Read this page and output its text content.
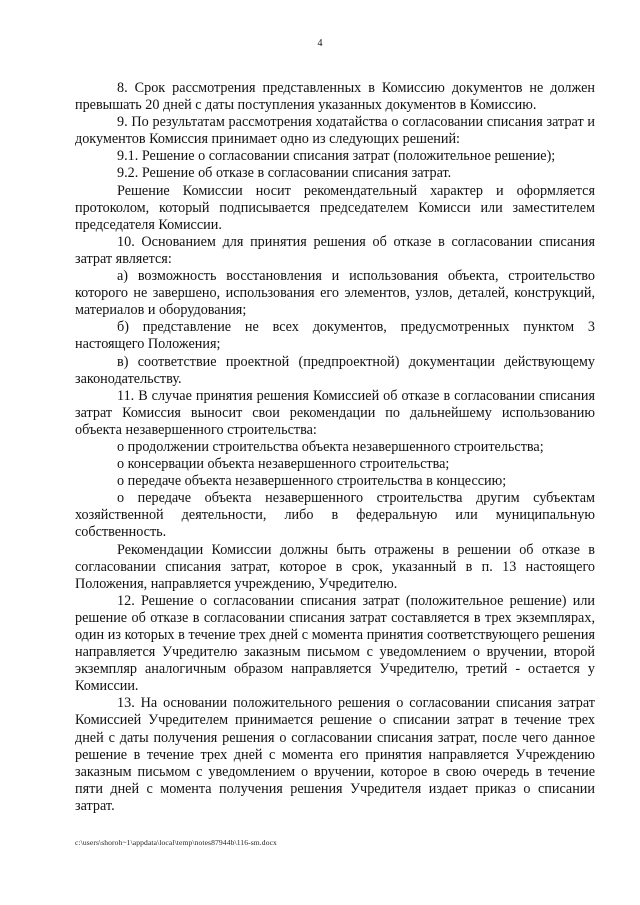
4

8. Срок рассмотрения представленных в Комиссию документов не должен превышать 20 дней с даты поступления указанных документов в Комиссию.

9. По результатам рассмотрения ходатайства о согласовании списания затрат и документов Комиссия принимает одно из следующих решений:

9.1. Решение о согласовании списания затрат (положительное решение);

9.2. Решение об отказе в согласовании списания затрат.

Решение Комиссии носит рекомендательный характер и оформляется протоколом, который подписывается председателем Комисси или заместителем председателя Комиссии.

10. Основанием для принятия решения об отказе в согласовании списания затрат является:

а) возможность восстановления и использования объекта, строительство которого не завершено, использования его элементов, узлов, деталей, конструкций, материалов и оборудования;

б) представление не всех документов, предусмотренных пунктом 3 настоящего Положения;

в) соответствие проектной (предпроектной) документации действующему законодательству.

11. В случае принятия решения Комиссией об отказе в согласовании списания затрат Комиссия выносит свои рекомендации по дальнейшему использованию объекта незавершенного строительства:

о продолжении строительства объекта незавершенного строительства;

о консервации объекта незавершенного строительства;

о передаче объекта незавершенного строительства в концессию;

о передаче объекта незавершенного строительства другим субъектам хозяйственной деятельности, либо в федеральную или муниципальную собственность.

Рекомендации Комиссии должны быть отражены в решении об отказе в согласовании списания затрат, которое в срок, указанный в п. 13 настоящего Положения, направляется учреждению, Учредителю.

12. Решение о согласовании списания затрат (положительное решение) или решение об отказе в согласовании списания затрат составляется в трех экземплярах, один из которых в течение трех дней с момента принятия соответствующего решения направляется Учредителю заказным письмом с уведомлением о вручении, второй экземпляр аналогичным образом направляется Учредителю, третий - остается у Комиссии.

13. На основании положительного решения о согласовании списания затрат Комиссией Учредителем принимается решение о списании затрат в течение трех дней с даты получения решения о согласовании списания затрат, после чего данное решение в течение трех дней с момента его принятия направляется Учреждению заказным письмом с уведомлением о вручении, которое в свою очередь в течение пяти дней с момента получения решения Учредителя издает приказ о списании затрат.

c:\users\shoroh~1\appdata\local\temp\notes87944b\116-sm.docx
